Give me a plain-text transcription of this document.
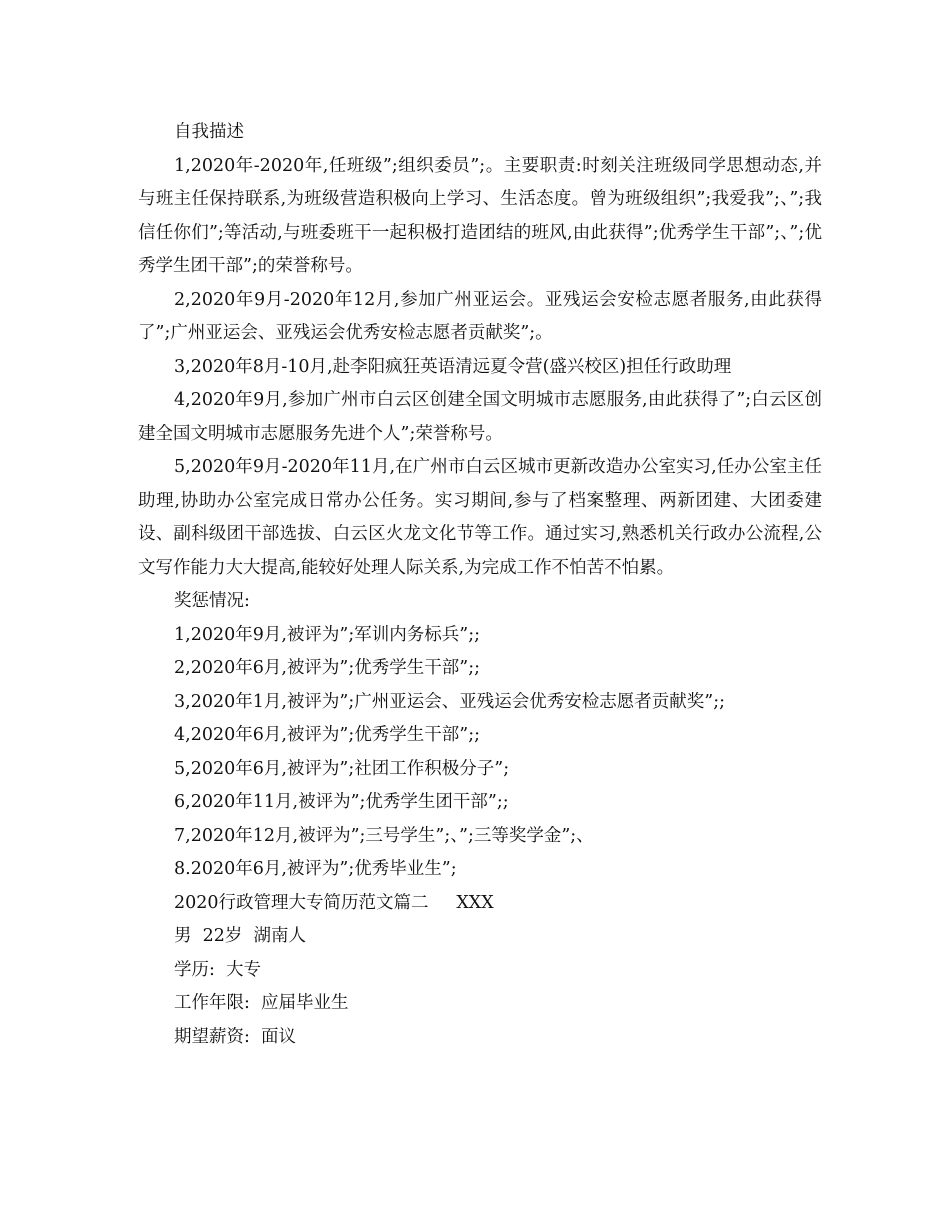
自我描述

1,2020年-2020年,任班级”;组织委员”;。主要职责:时刻关注班级同学思想动态,并与班主任保持联系,为班级营造积极向上学习、生活态度。曾为班级组织”;我爱我”;、”;我信任你们”;等活动,与班委班干一起积极打造团结的班风,由此获得”;优秀学生干部”;、”;优秀学生团干部”;的荣誉称号。

2,2020年9月-2020年12月,参加广州亚运会。亚残运会安检志愿者服务,由此获得了”;广州亚运会、亚残运会优秀安检志愿者贡献奖”;。

3,2020年8月-10月,赴李阳疯狂英语清远夏令营(盛兴校区)担任行政助理

4,2020年9月,参加广州市白云区创建全国文明城市志愿服务,由此获得了”;白云区创建全国文明城市志愿服务先进个人”;荣誉称号。

5,2020年9月-2020年11月,在广州市白云区城市更新改造办公室实习,任办公室主任助理,协助办公室完成日常办公任务。实习期间,参与了档案整理、两新团建、大团委建设、副科级团干部选拔、白云区火龙文化节等工作。通过实习,熟悉机关行政办公流程,公文写作能力大大提高,能较好处理人际关系,为完成工作不怕苦不怕累。

奖惩情况:

1,2020年9月,被评为”;军训内务标兵”;;

2,2020年6月,被评为”;优秀学生干部”;;

3,2020年1月,被评为”;广州亚运会、亚残运会优秀安检志愿者贡献奖”;;

4,2020年6月,被评为”;优秀学生干部”;;

5,2020年6月,被评为”;社团工作积极分子”;

6,2020年11月,被评为”;优秀学生团干部”;;

7,2020年12月,被评为”;三号学生”;、”;三等奖学金”;、

8.2020年6月,被评为”;优秀毕业生”;

2020行政管理大专简历范文篇二     XXX

男  22岁  湖南人

学历:  大专

工作年限:  应届毕业生

期望薪资:  面议
